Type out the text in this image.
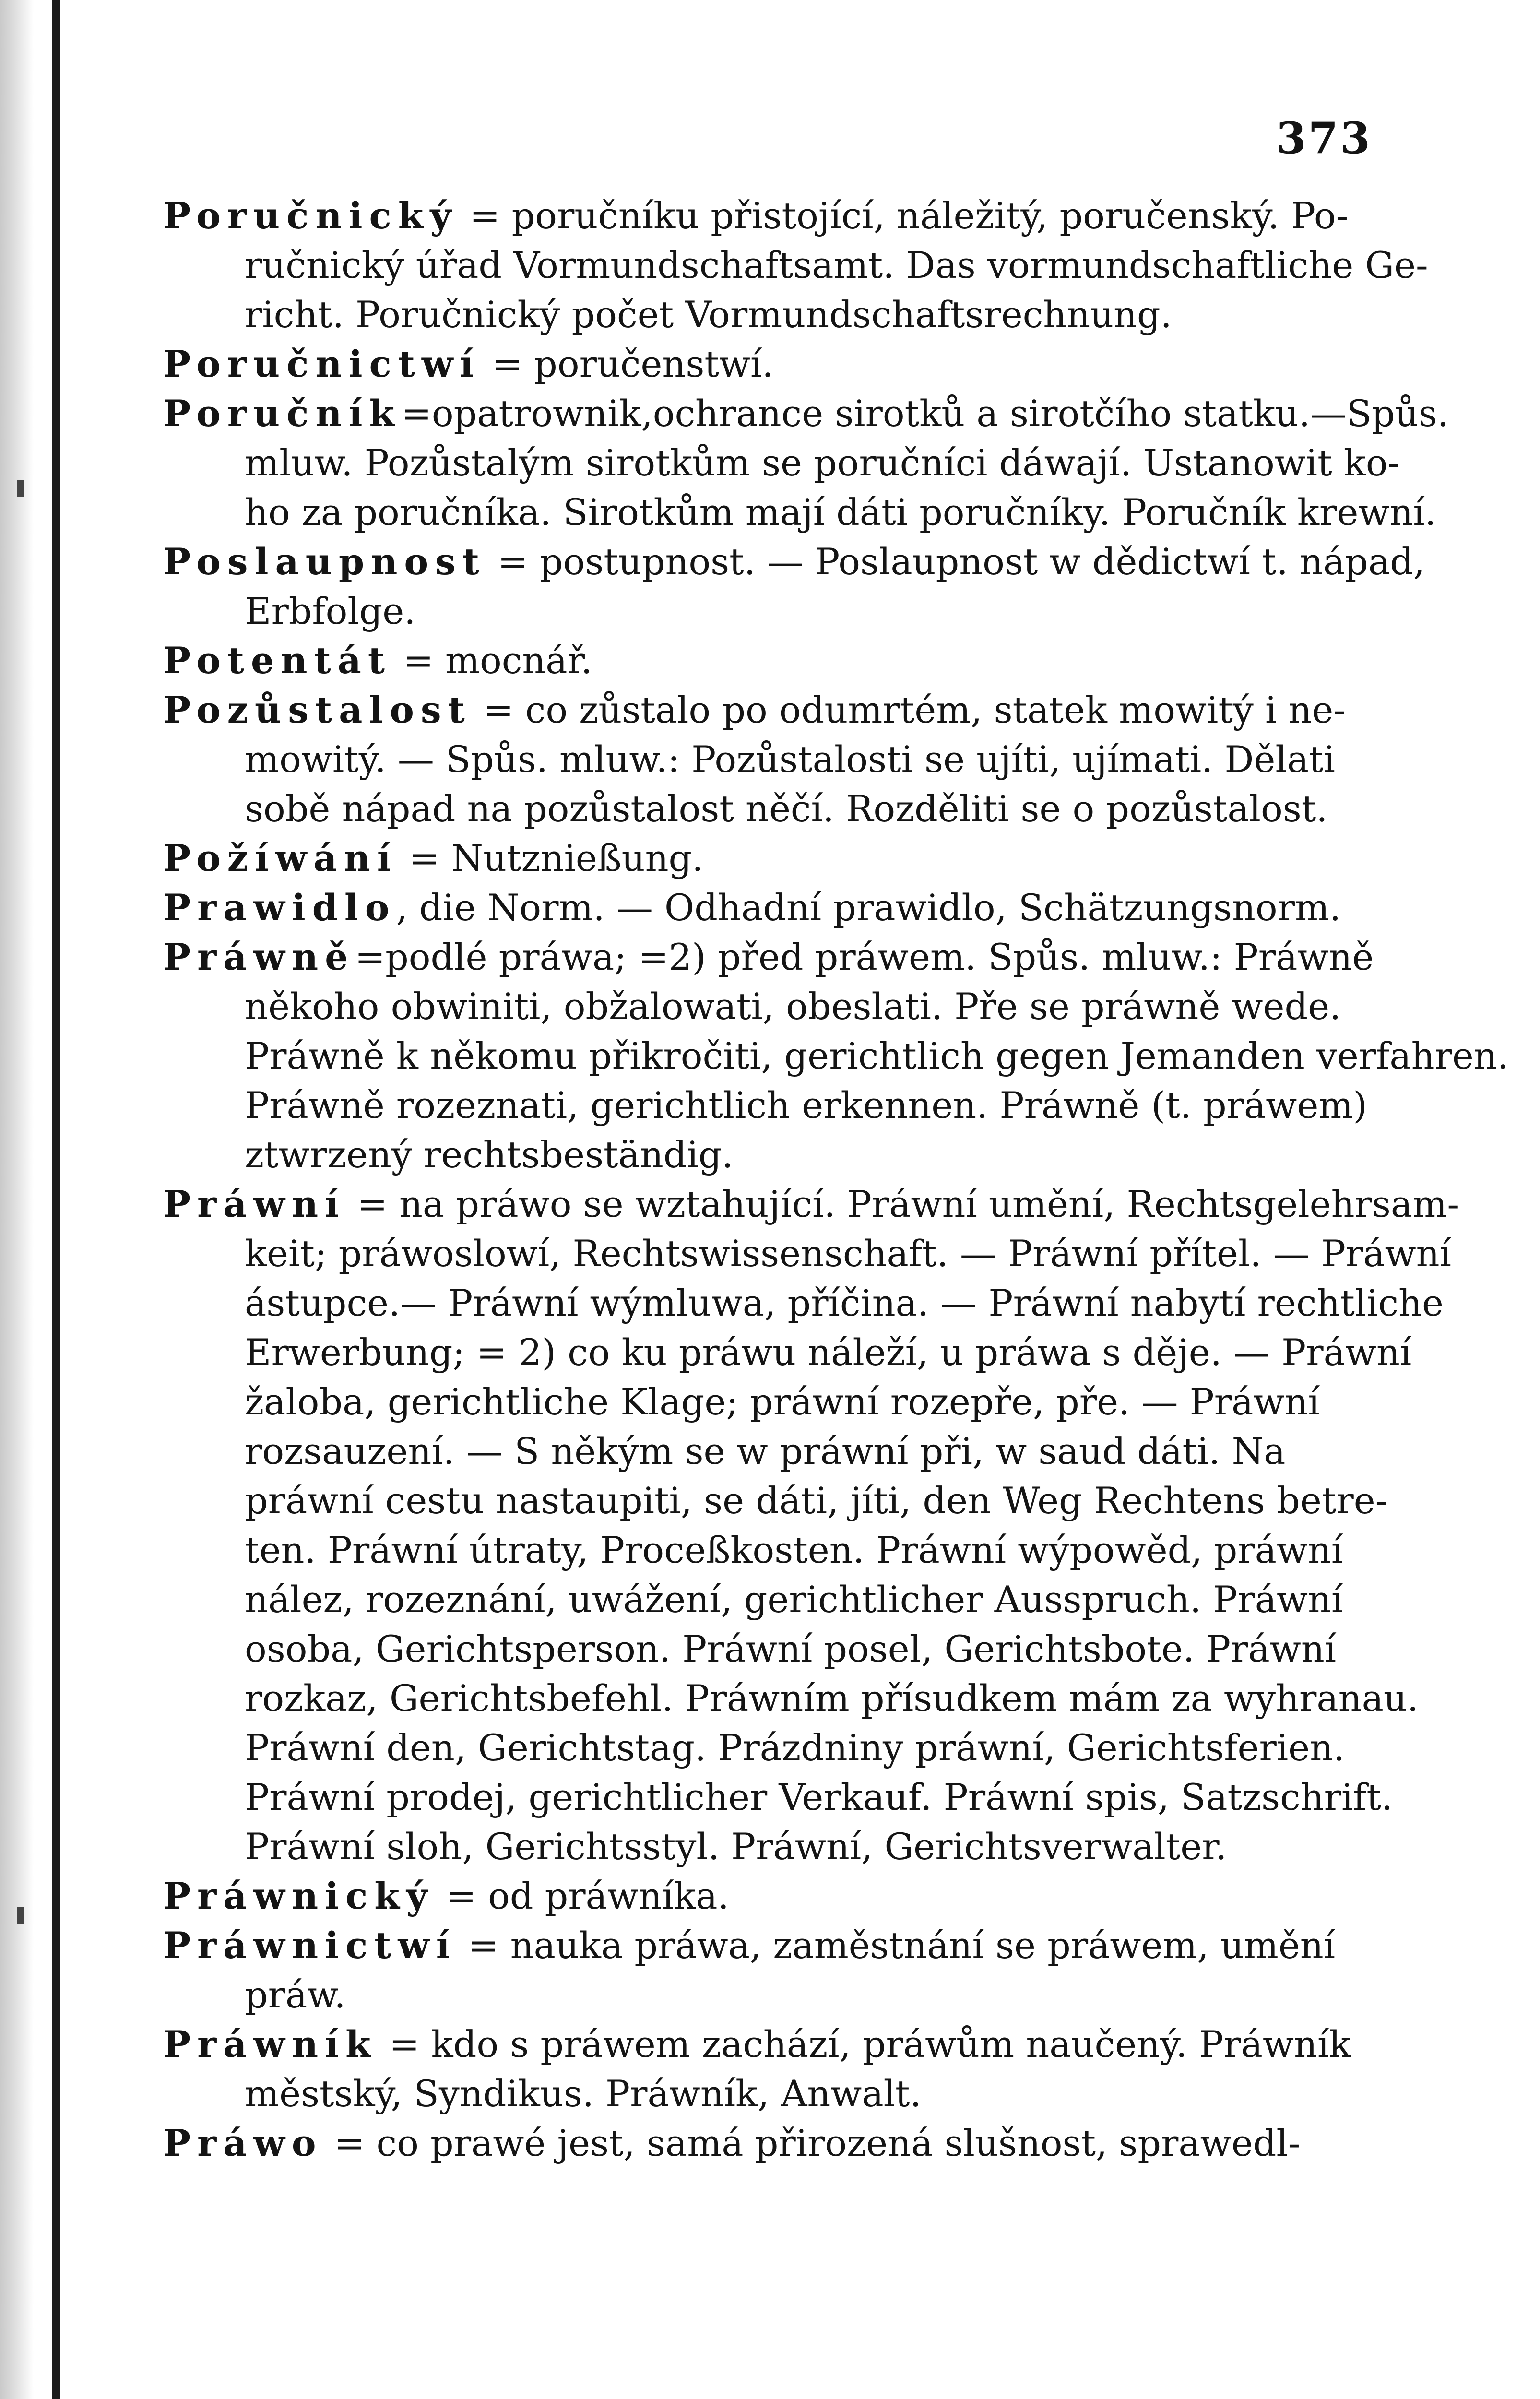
373
Poručnický = poručníku přistojící, náležitý, poručenský. Po-
ručnický úřad Vormundschaftsamt. Das vormundschaftliche Ge-
richt. Poručnický počet Vormundschaftsrechnung.
Poručnictwí = poručenstwí.
Poručník=opatrownik,ochrance sirotků a sirotčího statku.—Spůs.
mluw. Pozůstalým sirotkům se poručníci dáwají. Ustanowit ko-
ho za poručníka. Sirotkům mají dáti poručníky. Poručník krewní.
Poslaupnost = postupnost. — Poslaupnost w dědictwí t. nápad,
Erbfolge.
Potentát = mocnář.
Pozůstalost = co zůstalo po odumrtém, statek mowitý i ne-
mowitý. — Spůs. mluw.: Pozůstalosti se ujíti, ujímati. Dělati
sobě nápad na pozůstalost něčí. Rozděliti se o pozůstalost.
Požíwání = Nutznießung.
Prawidlo, die Norm. — Odhadní prawidlo, Schätzungsnorm.
Práwně=podlé práwa; =2) před práwem. Spůs. mluw.: Práwně
někoho obwiniti, obžalowati, obeslati. Pře se práwně wede.
Práwně k někomu přikročiti, gerichtlich gegen Jemanden verfahren.
Práwně rozeznati, gerichtlich erkennen. Práwně (t. práwem)
ztwrzený rechtsbeständig.
Práwní = na práwo se wztahující. Práwní umění, Rechtsgelehrsam-
keit; práwoslowí, Rechtswissenschaft. — Práwní přítel. — Práwní
ástupce.— Práwní wýmluwa, příčina. — Práwní nabytí rechtliche
Erwerbung; = 2) co ku práwu náleží, u práwa s děje. — Práwní
žaloba, gerichtliche Klage; práwní rozepře, pře. — Práwní
rozsauzení. — S někým se w práwní při, w saud dáti. Na
práwní cestu nastaupiti, se dáti, jíti, den Weg Rechtens betre-
ten. Práwní útraty, Proceßkosten. Práwní wýpowěd, práwní
nález, rozeznání, uwážení, gerichtlicher Ausspruch. Práwní
osoba, Gerichtsperson. Práwní posel, Gerichtsbote. Práwní
rozkaz, Gerichtsbefehl. Práwním přísudkem mám za wyhranau.
Práwní den, Gerichtstag. Prázdniny práwní, Gerichtsferien.
Práwní prodej, gerichtlicher Verkauf. Práwní spis, Satzschrift.
Práwní sloh, Gerichtsstyl. Práwní, Gerichtsverwalter.
Práwnický = od práwníka.
Práwnictwí = nauka práwa, zaměstnání se práwem, umění
práw.
Práwník = kdo s práwem zachází, práwům naučený. Práwník
městský, Syndikus. Práwník, Anwalt.
Práwo = co prawé jest, samá přirozená slušnost, sprawedl-
